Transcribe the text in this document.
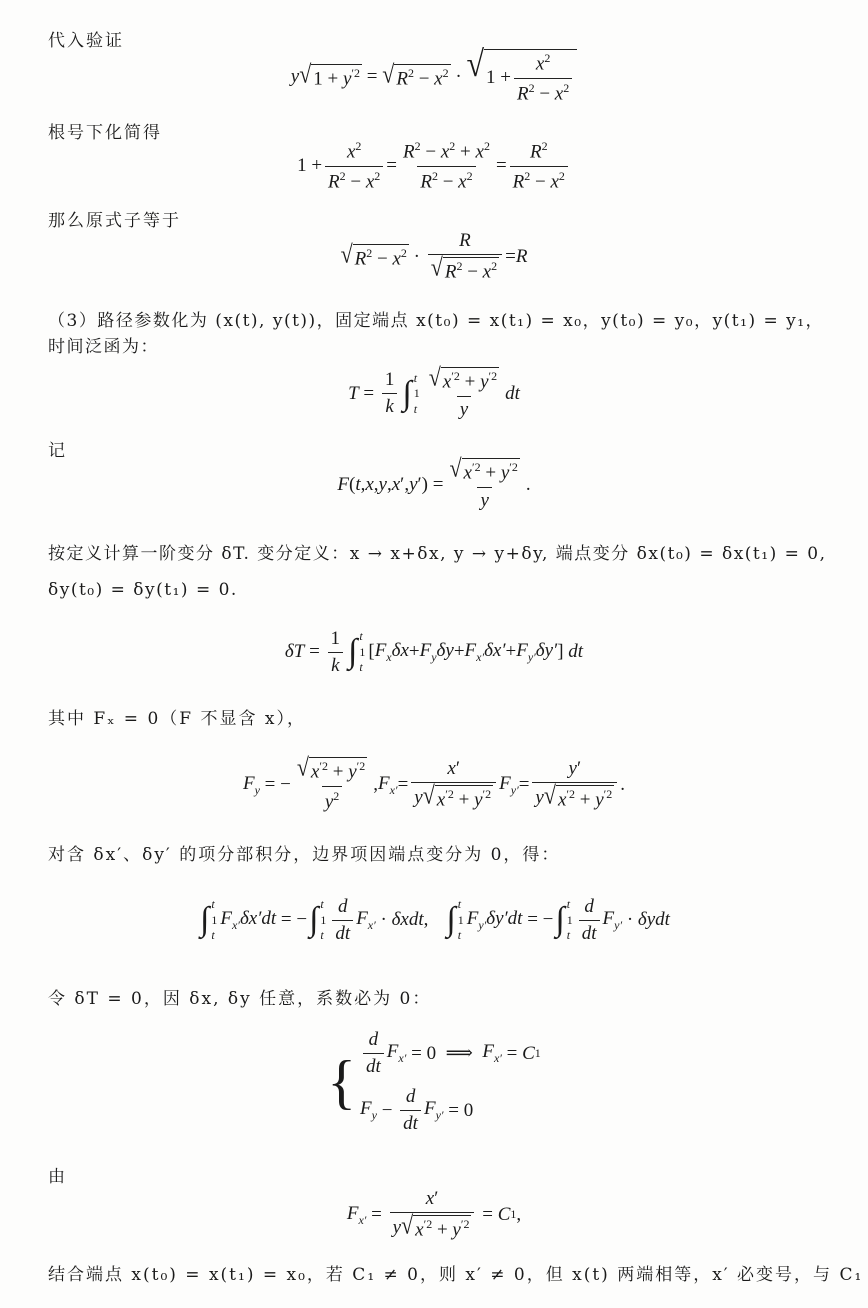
代入验证
y √ $1 + y^{'2}$ = √ $R^2 - x^2$ · √ $1 + \frac{x^2}{R^2 - x^2}$
根号下化简得
$1 + \frac{x^2}{R^2 - x^2} = \frac{R^2 - x^2 + x^2}{R^2 - x^2} = \frac{R^2}{R^2 - x^2}$
那么原式子等于
√ $R^2 - x^2 \cdot \frac{R}{√ R^2 - x^2} = R$
（3）路径参数化为 (x(t), y(t))，固定端点 x(t₀) = x(t₁) = x₀，y(t₀) = y₀，y(t₁) = y₁，时间泛函为：
$T = \frac{1}{k}$ ∫ t
1
t $\frac{√ x^{'2} + y^{'2}}{y}$ dt
记
F ( t , x , y , x ′, y ′) = $\frac{√ x^{'2} + y^{'2}}{y}$ .
按定义计算一阶变分 δT. 变分定义：x → x+δx, y → y+δy, 端点变分 δx(t₀) = δx(t₁) = 0, δy(t₀) = δy(t₁) = 0.
$\delta T = \frac{1}{k}$ ∫ t
1
t
[ $F_x\delta x + F_y\delta y + F_{x'}\delta x' + F_{y'}\delta y'$ ] dt
其中 Fₓ = 0（F 不显含 x），
$F_y$ = − $\frac{√ x^{'2} + y^{'2}}{y^2}$ , $F_{x'} = \frac{x'}{y √ x^{'2} + y^{'2}} F_{y'} = \frac{y'}{y √ x^{'2} + y^{'2}}$ .
对含 δx′、δy′ 的项分部积分，边界项因端点变分为 0，得：
∫ t
1
t
$F_{x'}\delta x'dt$ = − ∫ t
1
t $\frac{d}{dt} F_{x'} \cdot \delta xdt$ , ∫ t
1
t
$F_{y'}\delta y'dt$ = − ∫ t
1
t $\frac{d}{dt} F_{y'} \cdot \delta ydt$
令 δT = 0，因 δx, δy 任意，系数必为 0：
{ $\frac{d}{dt} F_{x'} = 0$  ⟹ $F_{x'} = C$ 1
$F_y - \frac{d}{dt} F_{y'} = 0$
由
$F_{x'} = \frac{x'}{y √ x^{'2} + y^{'2}} = C$ 1 ,
结合端点 x(t₀) = x(t₁) = x₀，若 C₁ ≠ 0，则 x′ ≠ 0，但 x(t) 两端相等，x′ 必变号，与 C₁
